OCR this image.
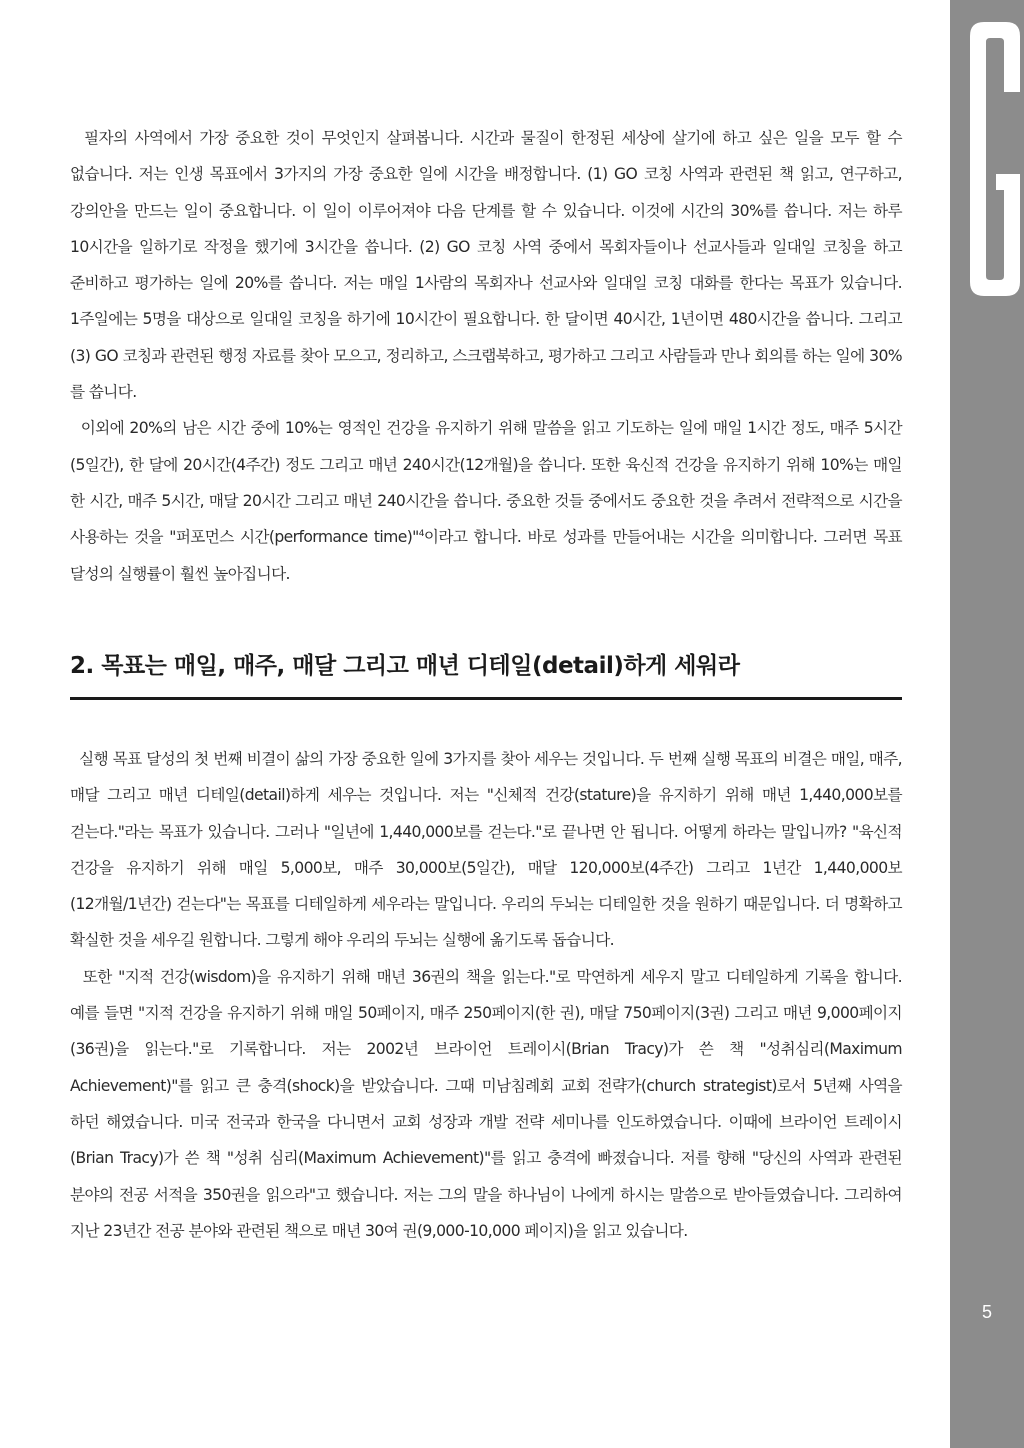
필자의 사역에서 가장 중요한 것이 무엇인지 살펴봅니다. 시간과 물질이 한정된 세상에 살기에 하고 싶은 일을 모두 할 수 없습니다. 저는 인생 목표에서 3가지의 가장 중요한 일에 시간을 배정합니다. (1) GO 코칭 사역과 관련된 책 읽고, 연구하고, 강의안을 만드는 일이 중요합니다. 이 일이 이루어져야 다음 단계를 할 수 있습니다. 이것에 시간의 30%를 씁니다. 저는 하루 10시간을 일하기로 작정을 했기에 3시간을 씁니다. (2) GO 코칭 사역 중에서 목회자들이나 선교사들과 일대일 코칭을 하고 준비하고 평가하는 일에 20%를 씁니다. 저는 매일 1사람의 목회자나 선교사와 일대일 코칭 대화를 한다는 목표가 있습니다. 1주일에는 5명을 대상으로 일대일 코칭을 하기에 10시간이 필요합니다. 한 달이면 40시간, 1년이면 480시간을 씁니다. 그리고 (3) GO 코칭과 관련된 행정 자료를 찾아 모으고, 정리하고, 스크랩북하고, 평가하고 그리고 사람들과 만나 회의를 하는 일에 30%를 씁니다.

이외에 20%의 남은 시간 중에 10%는 영적인 건강을 유지하기 위해 말씀을 읽고 기도하는 일에 매일 1시간 정도, 매주 5시간(5일간), 한 달에 20시간(4주간) 정도 그리고 매년 240시간(12개월)을 씁니다. 또한 육신적 건강을 유지하기 위해 10%는 매일 한 시간, 매주 5시간, 매달 20시간 그리고 매년 240시간을 씁니다. 중요한 것들 중에서도 중요한 것을 추려서 전략적으로 시간을 사용하는 것을 "퍼포먼스 시간(performance time)"$^4$이라고 합니다. 바로 성과를 만들어내는 시간을 의미합니다. 그러면 목표 달성의 실행률이 훨씬 높아집니다.

2. 목표는 매일, 매주, 매달 그리고 매년 디테일(detail)하게 세워라

실행 목표 달성의 첫 번째 비결이 삶의 가장 중요한 일에 3가지를 찾아 세우는 것입니다. 두 번째 실행 목표의 비결은 매일, 매주, 매달 그리고 매년 디테일(detail)하게 세우는 것입니다. 저는 "신체적 건강(stature)을 유지하기 위해 매년 1,440,000보를 걷는다."라는 목표가 있습니다. 그러나 "일년에 1,440,000보를 걷는다."로 끝나면 안 됩니다. 어떻게 하라는 말입니까? "육신적 건강을 유지하기 위해 매일 5,000보, 매주 30,000보(5일간), 매달 120,000보(4주간) 그리고 1년간 1,440,000보(12개월/1년간) 걷는다"는 목표를 디테일하게 세우라는 말입니다. 우리의 두뇌는 디테일한 것을 원하기 때문입니다. 더 명확하고 확실한 것을 세우길 원합니다. 그렇게 해야 우리의 두뇌는 실행에 옮기도록 돕습니다.

또한 "지적 건강(wisdom)을 유지하기 위해 매년 36권의 책을 읽는다."로 막연하게 세우지 말고 디테일하게 기록을 합니다. 예를 들면 "지적 건강을 유지하기 위해 매일 50페이지, 매주 250페이지(한 권), 매달 750페이지(3권) 그리고 매년 9,000페이지(36권)을 읽는다."로 기록합니다. 저는 2002년 브라이언 트레이시(Brian Tracy)가 쓴 책 "성취심리(Maximum Achievement)"를 읽고 큰 충격(shock)을 받았습니다. 그때 미남침례회 교회 전략가(church strategist)로서 5년째 사역을 하던 해였습니다. 미국 전국과 한국을 다니면서 교회 성장과 개발 전략 세미나를 인도하였습니다. 이때에 브라이언 트레이시(Brian Tracy)가 쓴 책 "성취 심리(Maximum Achievement)"를 읽고 충격에 빠졌습니다. 저를 향해 "당신의 사역과 관련된 분야의 전공 서적을 350권을 읽으라"고 했습니다. 저는 그의 말을 하나님이 나에게 하시는 말씀으로 받아들였습니다. 그리하여 지난 23년간 전공 분야와 관련된 책으로 매년 30여 권(9,000-10,000 페이지)을 읽고 있습니다.

5
